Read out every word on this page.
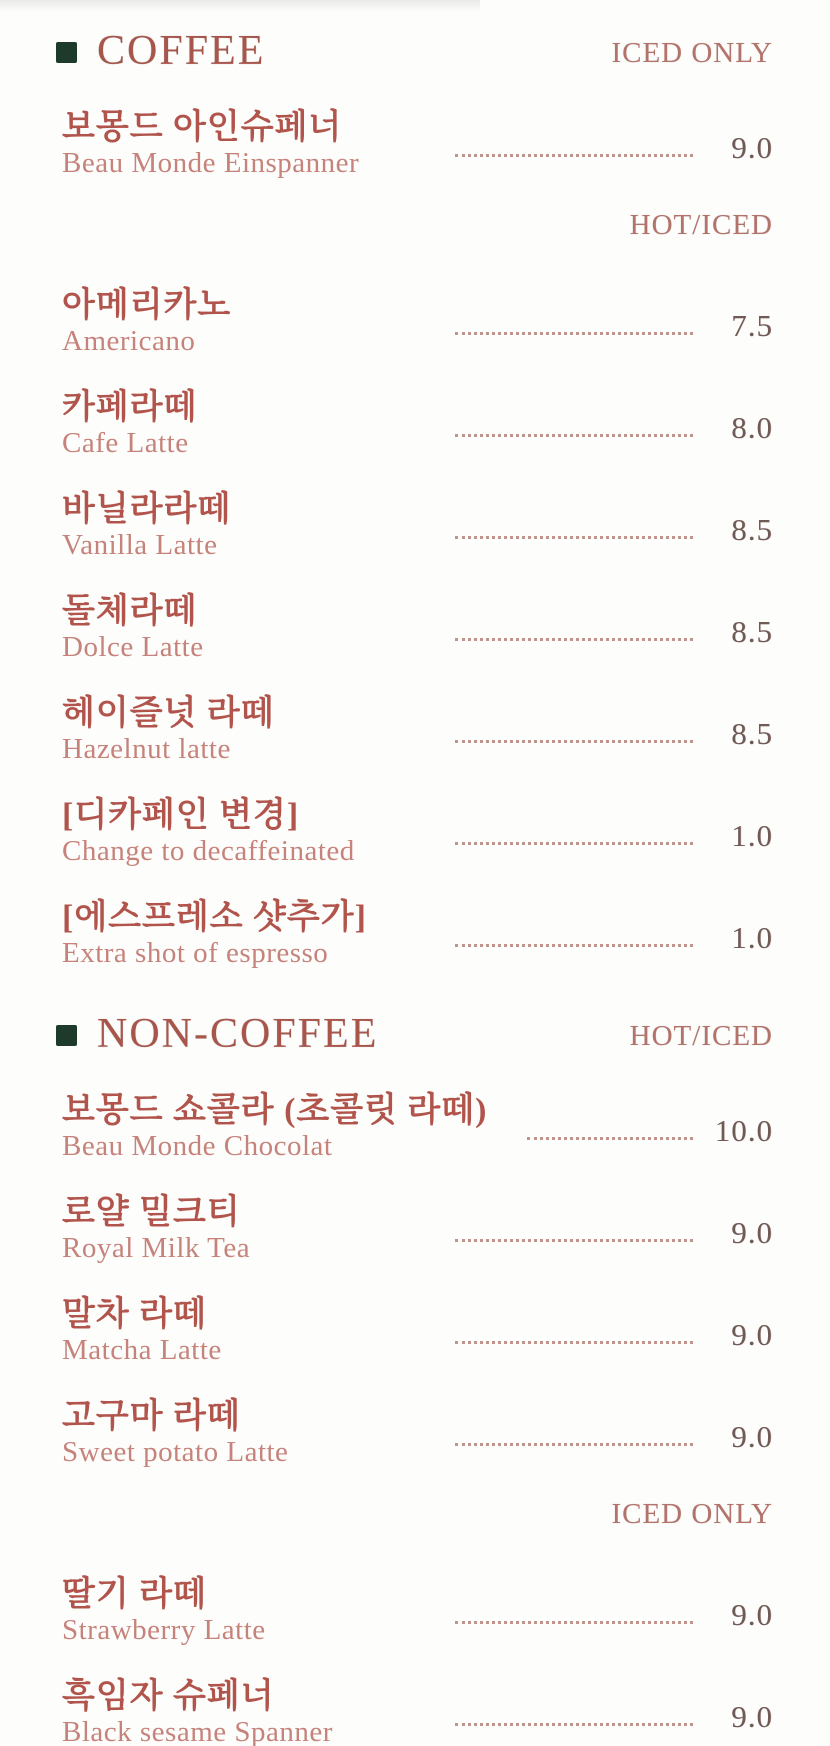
COFFEE	ICED ONLY
보몽드 아인슈페너
Beau Monde Einspanner	9.0
HOT/ICED
아메리카노
Americano	7.5
카페라떼
Cafe Latte	8.0
바닐라라떼
Vanilla Latte	8.5
돌체라떼
Dolce Latte	8.5
헤이즐넛 라떼
Hazelnut latte	8.5
[디카페인 변경]
Change to decaffeinated	1.0
[에스프레소 샷추가]
Extra shot of espresso	1.0
NON-COFFEE	HOT/ICED
보몽드 쇼콜라 (초콜릿 라떼)
Beau Monde Chocolat	10.0
로얄 밀크티
Royal Milk Tea	9.0
말차 라떼
Matcha Latte	9.0
고구마 라떼
Sweet potato Latte	9.0
ICED ONLY
딸기 라떼
Strawberry Latte	9.0
흑임자 슈페너
Black sesame Spanner	9.0
